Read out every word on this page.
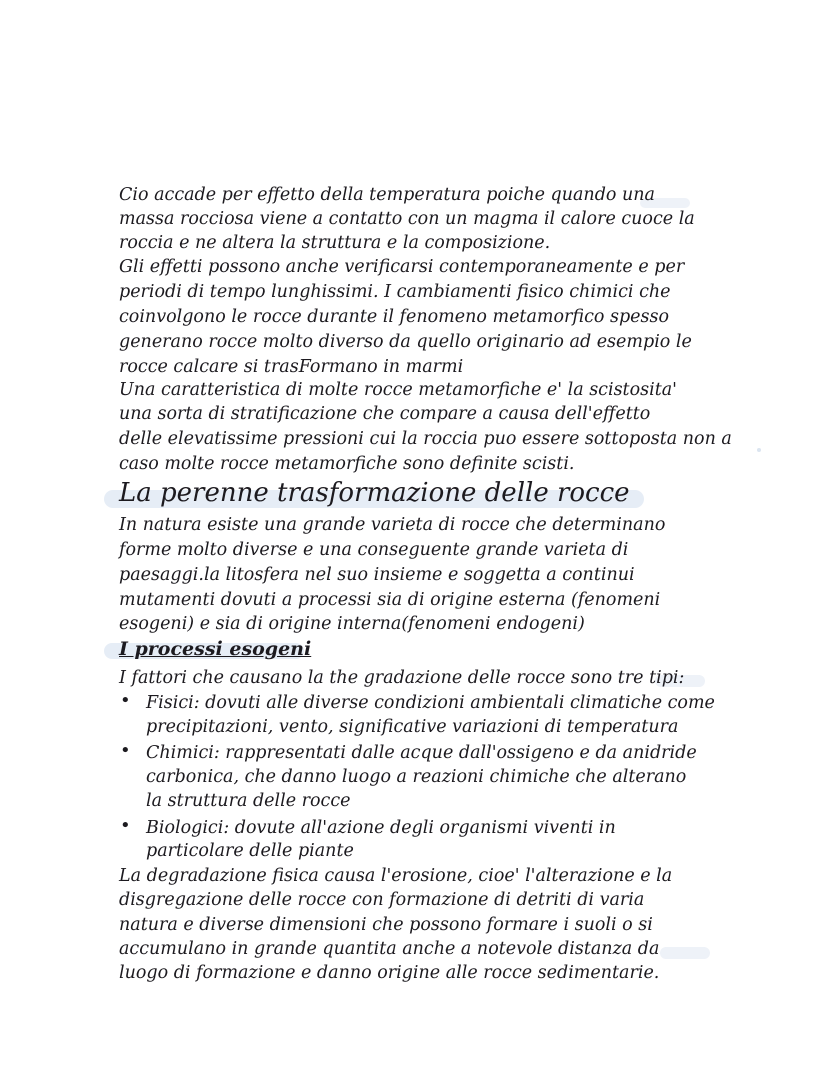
Cio accade per effetto della temperatura poiche quando una
massa rocciosa viene a contatto con un magma il calore cuoce la
roccia e ne altera la struttura e la composizione.
Gli effetti possono anche verificarsi contemporaneamente e per
periodi di tempo lunghissimi. I cambiamenti fisico chimici che
coinvolgono le rocce durante il fenomeno metamorfico spesso
generano rocce molto diverso da quello originario ad esempio le
rocce calcare si trasFormano in marmi
Una caratteristica di molte rocce metamorfiche e' la scistosita'
una sorta di stratificazione che compare a causa dell'effetto
delle elevatissime pressioni cui la roccia puo essere sottoposta non a
caso molte rocce metamorfiche sono definite scisti.
La perenne trasformazione delle rocce
In natura esiste una grande varieta di rocce che determinano
forme molto diverse e una conseguente grande varieta di
paesaggi.la litosfera nel suo insieme e soggetta a continui
mutamenti dovuti a processi sia di origine esterna (fenomeni
esogeni) e sia di origine interna(fenomeni endogeni)
I processi esogeni
I fattori che causano la the gradazione delle rocce sono tre tipi:
• Fisici: dovuti alle diverse condizioni ambientali climatiche come
precipitazioni, vento, significative variazioni di temperatura
• Chimici: rappresentati dalle acque dall'ossigeno e da anidride
carbonica, che danno luogo a reazioni chimiche che alterano
la struttura delle rocce
• Biologici: dovute all'azione degli organismi viventi in
particolare delle piante
La degradazione fisica causa l'erosione, cioe' l'alterazione e la
disgregazione delle rocce con formazione di detriti di varia
natura e diverse dimensioni che possono formare i suoli o si
accumulano in grande quantita anche a notevole distanza da
luogo di formazione e danno origine alle rocce sedimentarie.
